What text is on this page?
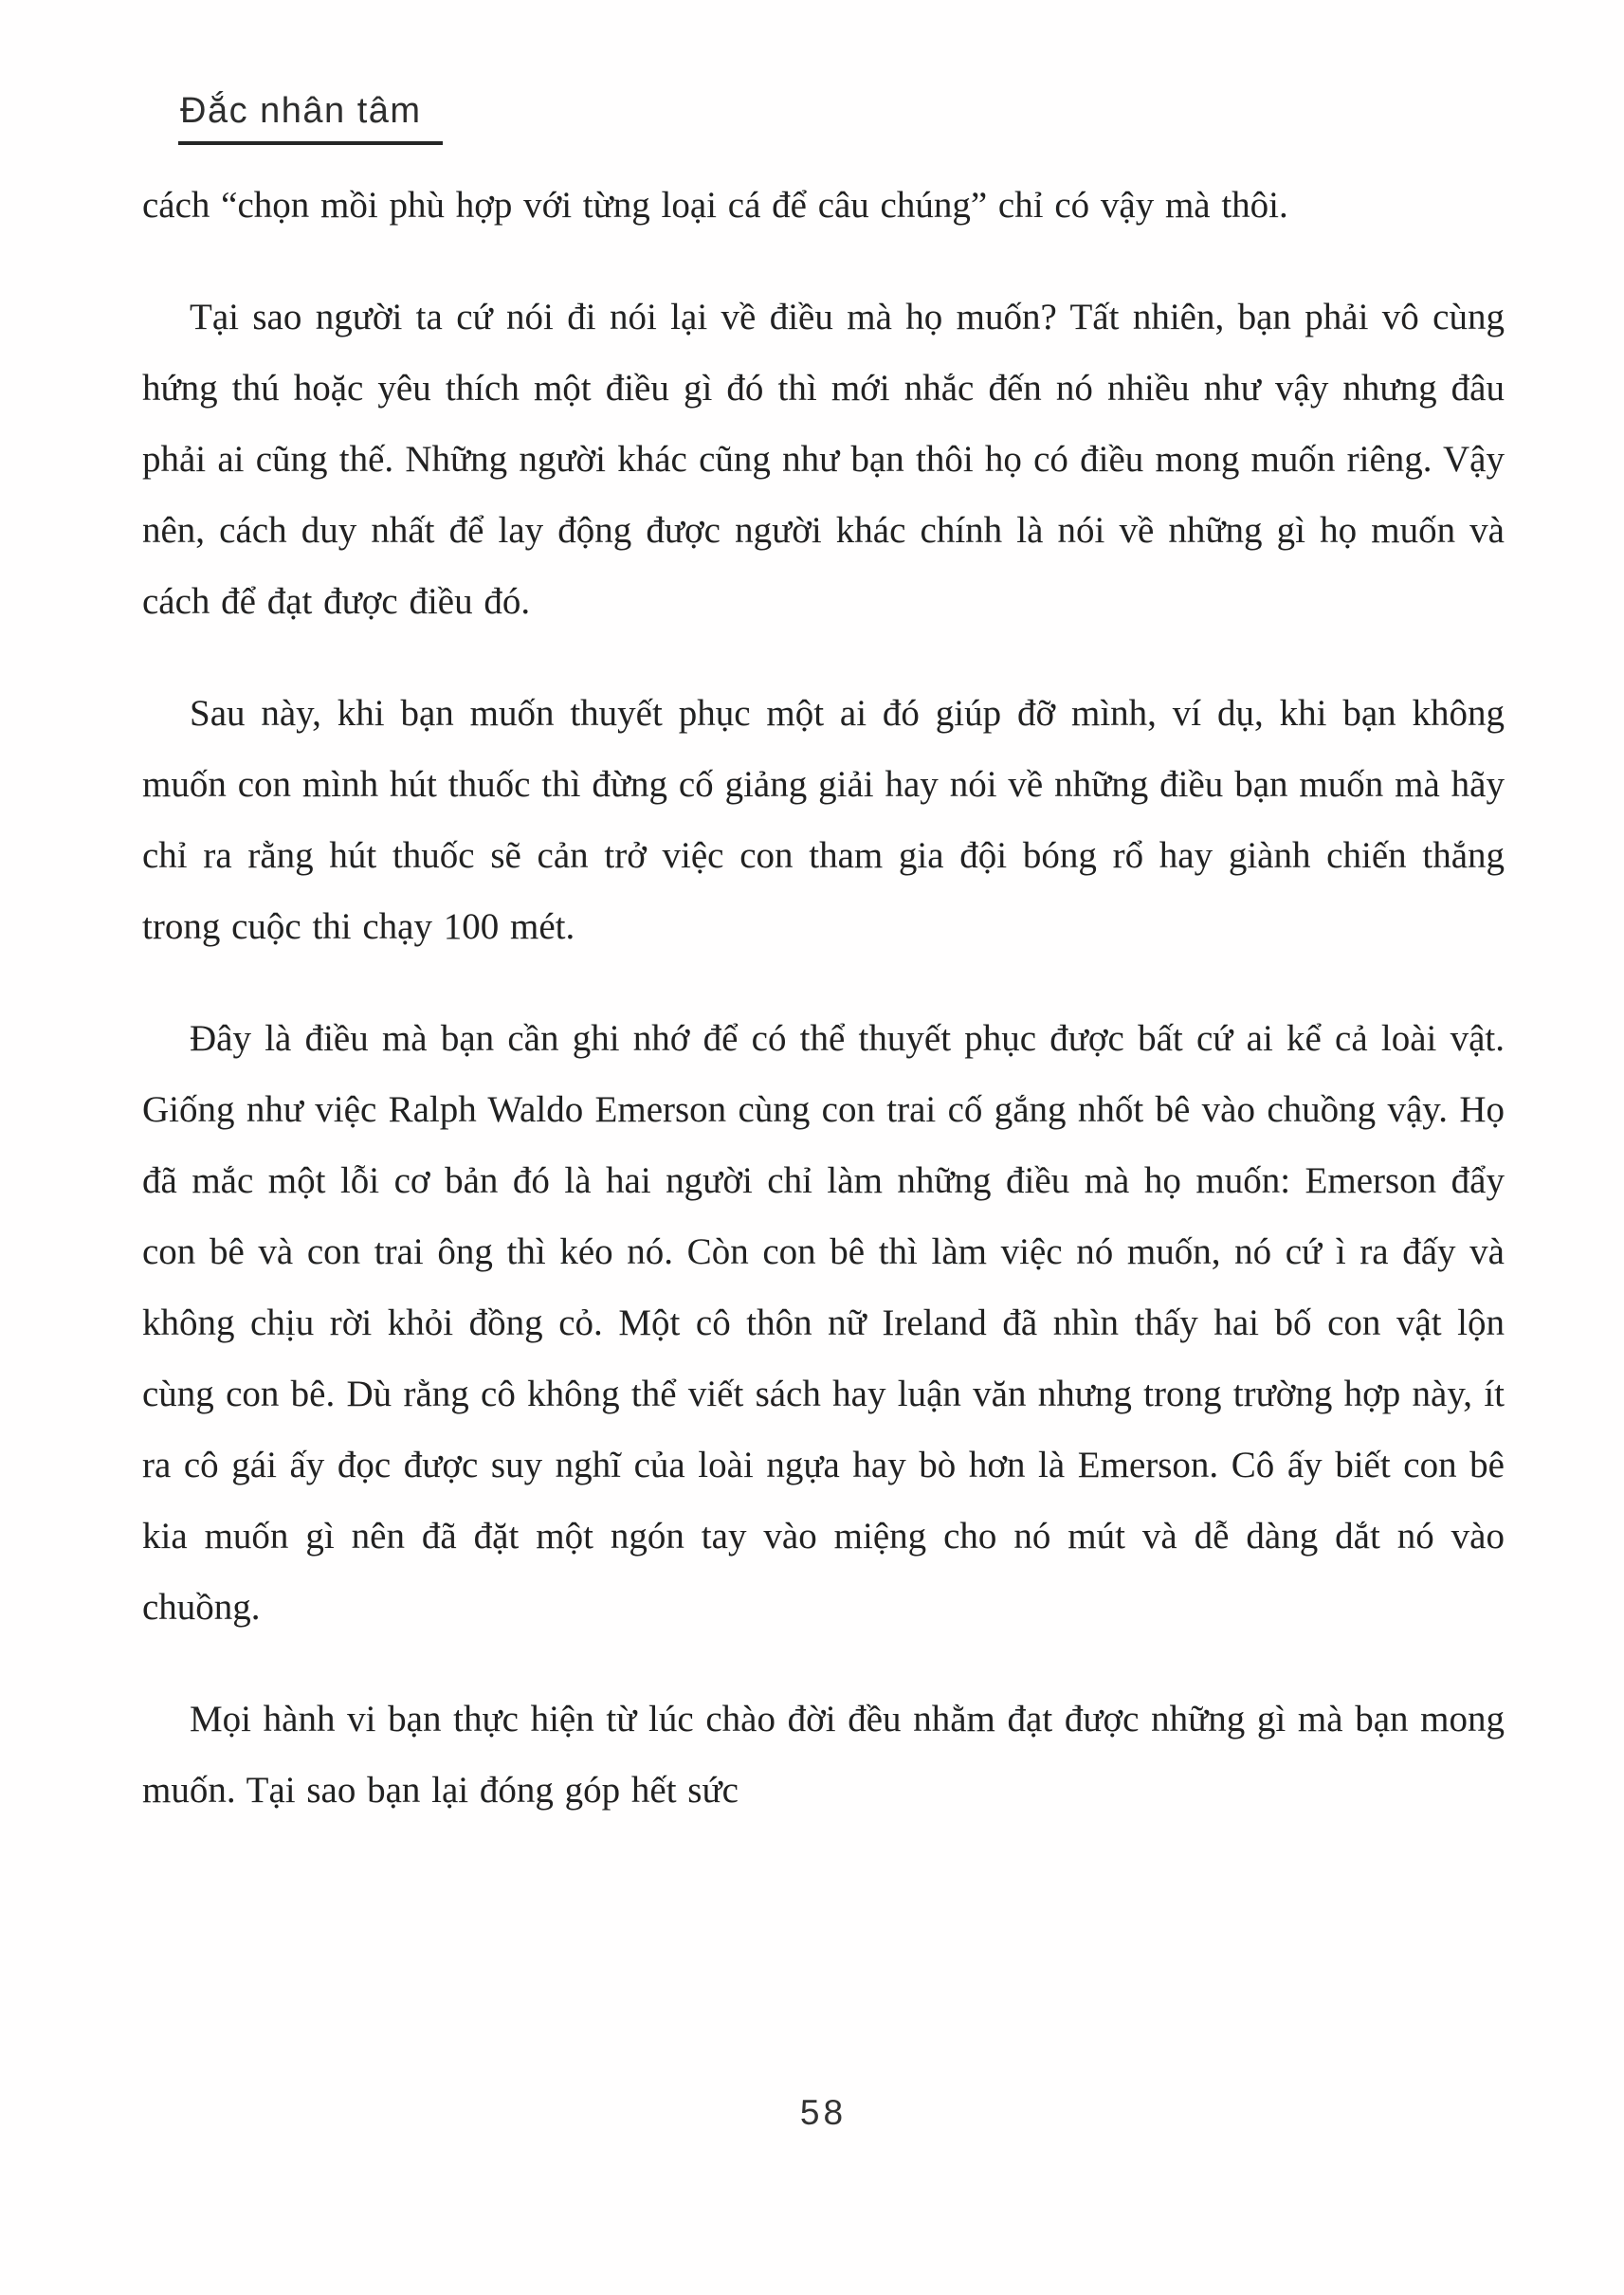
Đắc nhân tâm

cách “chọn mồi phù hợp với từng loại cá để câu chúng” chỉ có vậy mà thôi.

Tại sao người ta cứ nói đi nói lại về điều mà họ muốn? Tất nhiên, bạn phải vô cùng hứng thú hoặc yêu thích một điều gì đó thì mới nhắc đến nó nhiều như vậy nhưng đâu phải ai cũng thế. Những người khác cũng như bạn thôi họ có điều mong muốn riêng. Vậy nên, cách duy nhất để lay động được người khác chính là nói về những gì họ muốn và cách để đạt được điều đó.

Sau này, khi bạn muốn thuyết phục một ai đó giúp đỡ mình, ví dụ, khi bạn không muốn con mình hút thuốc thì đừng cố giảng giải hay nói về những điều bạn muốn mà hãy chỉ ra rằng hút thuốc sẽ cản trở việc con tham gia đội bóng rổ hay giành chiến thắng trong cuộc thi chạy 100 mét.

Đây là điều mà bạn cần ghi nhớ để có thể thuyết phục được bất cứ ai kể cả loài vật. Giống như việc Ralph Waldo Emerson cùng con trai cố gắng nhốt bê vào chuồng vậy. Họ đã mắc một lỗi cơ bản đó là hai người chỉ làm những điều mà họ muốn: Emerson đẩy con bê và con trai ông thì kéo nó. Còn con bê thì làm việc nó muốn, nó cứ ì ra đấy và không chịu rời khỏi đồng cỏ. Một cô thôn nữ Ireland đã nhìn thấy hai bố con vật lộn cùng con bê. Dù rằng cô không thể viết sách hay luận văn nhưng trong trường hợp này, ít ra cô gái ấy đọc được suy nghĩ của loài ngựa hay bò hơn là Emerson. Cô ấy biết con bê kia muốn gì nên đã đặt một ngón tay vào miệng cho nó mút và dễ dàng dắt nó vào chuồng.

Mọi hành vi bạn thực hiện từ lúc chào đời đều nhằm đạt được những gì mà bạn mong muốn. Tại sao bạn lại đóng góp hết sức

58
